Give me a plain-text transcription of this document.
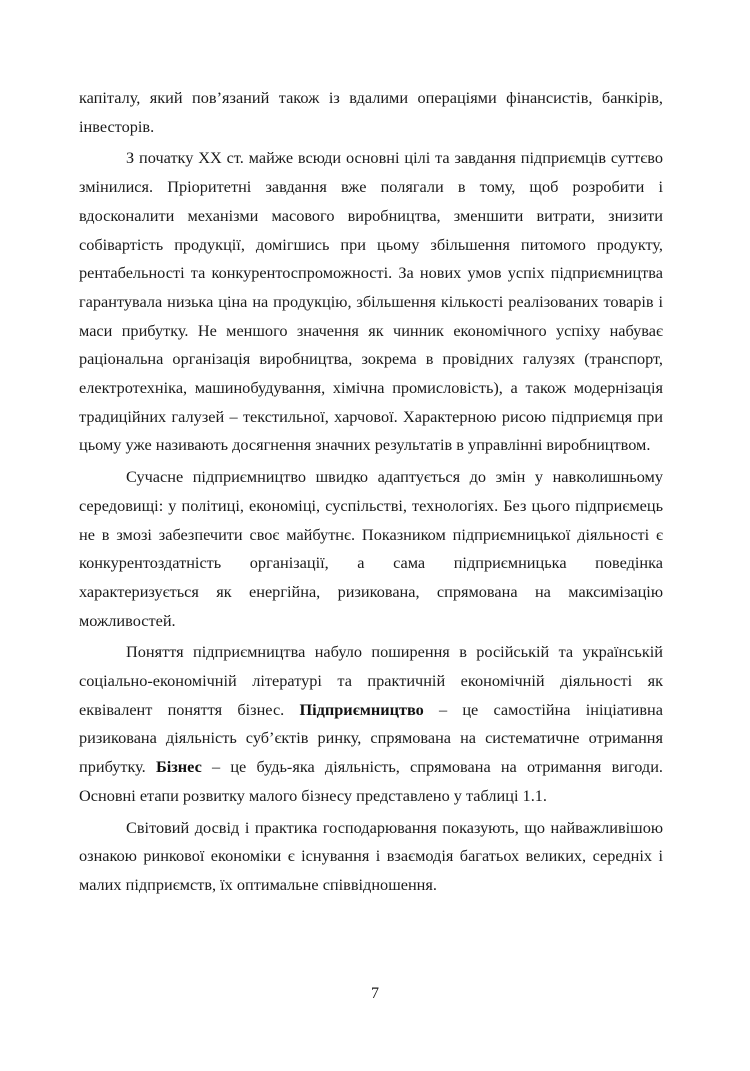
капіталу, який пов’язаний також із вдалими операціями фінансистів, банкірів, інвесторів.

З початку XX ст. майже всюди основні цілі та завдання підприємців суттєво змінилися. Пріоритетні завдання вже полягали в тому, щоб розробити і вдосконалити механізми масового виробництва, зменшити витрати, знизити собівартість продукції, домігшись при цьому збільшення питомого продукту, рентабельності та конкурентоспроможності. За нових умов успіх підприємництва гарантувала низька ціна на продукцію, збільшення кількості реалізованих товарів і маси прибутку. Не меншого значення як чинник економічного успіху набуває раціональна організація виробництва, зокрема в провідних галузях (транспорт, електротехніка, машинобудування, хімічна промисловість), а також модернізація традиційних галузей – текстильної, харчової. Характерною рисою підприємця при цьому уже називають досягнення значних результатів в управлінні виробництвом.

Сучасне підприємництво швидко адаптується до змін у навколишньому середовищі: у політиці, економіці, суспільстві, технологіях. Без цього підприємець не в змозі забезпечити своє майбутнє. Показником підприємницької діяльності є конкурентоздатність організації, а сама підприємницька поведінка характеризується як енергійна, ризикована, спрямована на максимізацію можливостей.

Поняття підприємництва набуло поширення в російській та українській соціально-економічній літературі та практичній економічній діяльності як еквівалент поняття бізнес. Підприємництво – це самостійна ініціативна ризикована діяльність суб’єктів ринку, спрямована на систематичне отримання прибутку. Бізнес – це будь-яка діяльність, спрямована на отримання вигоди. Основні етапи розвитку малого бізнесу представлено у таблиці 1.1.

Світовий досвід і практика господарювання показують, що найважливішою ознакою ринкової економіки є існування і взаємодія багатьох великих, середніх і малих підприємств, їх оптимальне співвідношення.

7
